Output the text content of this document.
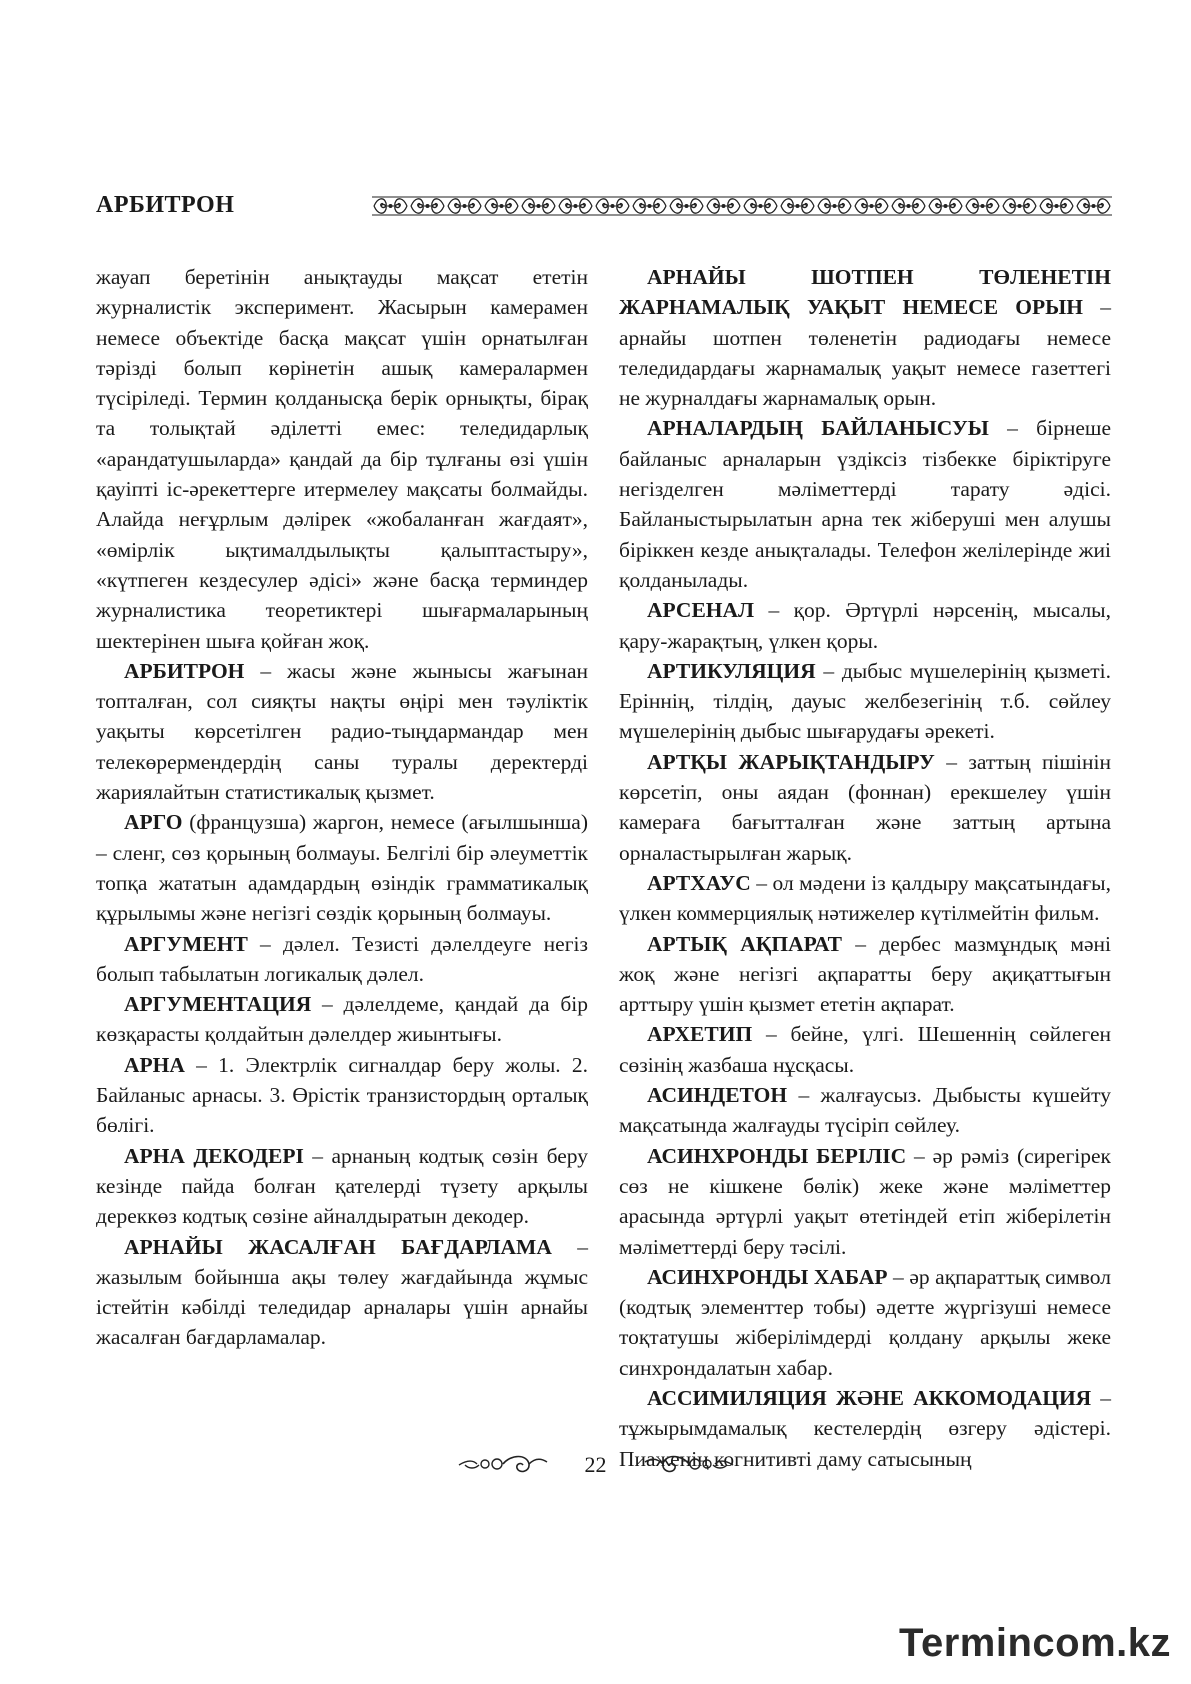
АРБИТРОН

жауап беретінін анықтауды мақсат ететін журналистік эксперимент. Жасырын камерамен немесе объектіде басқа мақсат үшін орнатылған тәрізді болып көрінетін ашық камералармен түсіріледі. Термин қолданысқа берік орнықты, бірақ та толықтай әділетті емес: теледидарлық «арандатушыларда» қандай да бір тұлғаны өзі үшін қауіпті іс-әрекеттерге итермелеу мақсаты болмайды. Алайда неғұрлым дәлірек «жобаланған жағдаят», «өмірлік ықтималдылықты қалыптастыру», «күтпеген кездесулер әдісі» және басқа терминдер журналистика теоретиктері шығармаларының шектерінен шыға қойған жоқ.

АРБИТРОН – жасы және жынысы жағынан топталған, сол сияқты нақты өңірі мен тәуліктік уақыты көрсетілген радио-тыңдармандар мен телекөрермендердің саны туралы деректерді жариялайтын статистикалық қызмет.

АРГО (французша) жаргон, немесе (ағылшынша) – сленг, сөз қорының болмауы. Белгілі бір әлеуметтік топқа жататын адамдардың өзіндік грамматикалық құрылымы және негізгі сөздік қорының болмауы.

АРГУМЕНТ – дәлел. Тезисті дәлелдеуге негіз болып табылатын логикалық дәлел.

АРГУМЕНТАЦИЯ – дәлелдеме, қандай да бір көзқарасты қолдайтын дәлелдер жиынтығы.

АРНА – 1. Электрлік сигналдар беру жолы. 2. Байланыс арнасы. 3. Өрістік транзистордың орталық бөлігі.

АРНА ДЕКОДЕРІ – арнаның кодтық сөзін беру кезінде пайда болған қателерді түзету арқылы дереккөз кодтық сөзіне айналдыратын декодер.

АРНАЙЫ ЖАСАЛҒАН БАҒДАРЛАМА – жазылым бойынша ақы төлеу жағдайында жұмыс істейтін кәбілді теледидар арналары үшін арнайы жасалған бағдарламалар.

АРНАЙЫ ШОТПЕН ТӨЛЕНЕТІН ЖАРНАМАЛЫҚ УАҚЫТ НЕМЕСЕ ОРЫН – арнайы шотпен төленетін радиодағы немесе теледидардағы жарнамалық уақыт немесе газеттегі не журналдағы жарнамалық орын.

АРНАЛАРДЫҢ БАЙЛАНЫСУЫ – бірнеше байланыс арналарын үздіксіз тізбекке біріктіруге негізделген мәліметтерді тарату әдісі. Байланыстырылатын арна тек жіберуші мен алушы біріккен кезде анықталады. Телефон желілерінде жиі қолданылады.

АРСЕНАЛ – қор. Әртүрлі нәрсенің, мысалы, қару-жарақтың, үлкен қоры.

АРТИКУЛЯЦИЯ – дыбыс мүшелерінің қызметі. Еріннің, тілдің, дауыс желбезегінің т.б. сөйлеу мүшелерінің дыбыс шығарудағы әрекеті.

АРТҚЫ ЖАРЫҚТАНДЫРУ – заттың пішінін көрсетіп, оны аядан (фоннан) ерекшелеу үшін камераға бағытталған және заттың артына орналастырылған жарық.

АРТХАУС – ол мәдени із қалдыру мақсатындағы, үлкен коммерциялық нәтижелер күтілмейтін фильм.

АРТЫҚ АҚПАРАТ – дербес мазмұндық мәні жоқ және негізгі ақпаратты беру ақиқаттығын арттыру үшін қызмет ететін ақпарат.

АРХЕТИП – бейне, үлгі. Шешеннің сөйлеген сөзінің жазбаша нұсқасы.

АСИНДЕТОН – жалғаусыз. Дыбысты күшейту мақсатында жалғауды түсіріп сөйлеу.

АСИНХРОНДЫ БЕРІЛІС – әр рәміз (сирегірек сөз не кішкене бөлік) жеке және мәліметтер арасында әртүрлі уақыт өтетіндей етіп жіберілетін мәліметтерді беру тәсілі.

АСИНХРОНДЫ ХАБАР – әр ақпараттық символ (кодтық элементтер тобы) әдетте жүргізуші немесе тоқтатушы жіберілімдерді қолдану арқылы жеке синхрондалатын хабар.

АССИМИЛЯЦИЯ ЖӘНЕ АККОМОДАЦИЯ – тұжырымдамалық кестелердің өзгеру әдістері. Пиаженің когнитивті даму сатысының

22
Termincom.kz
